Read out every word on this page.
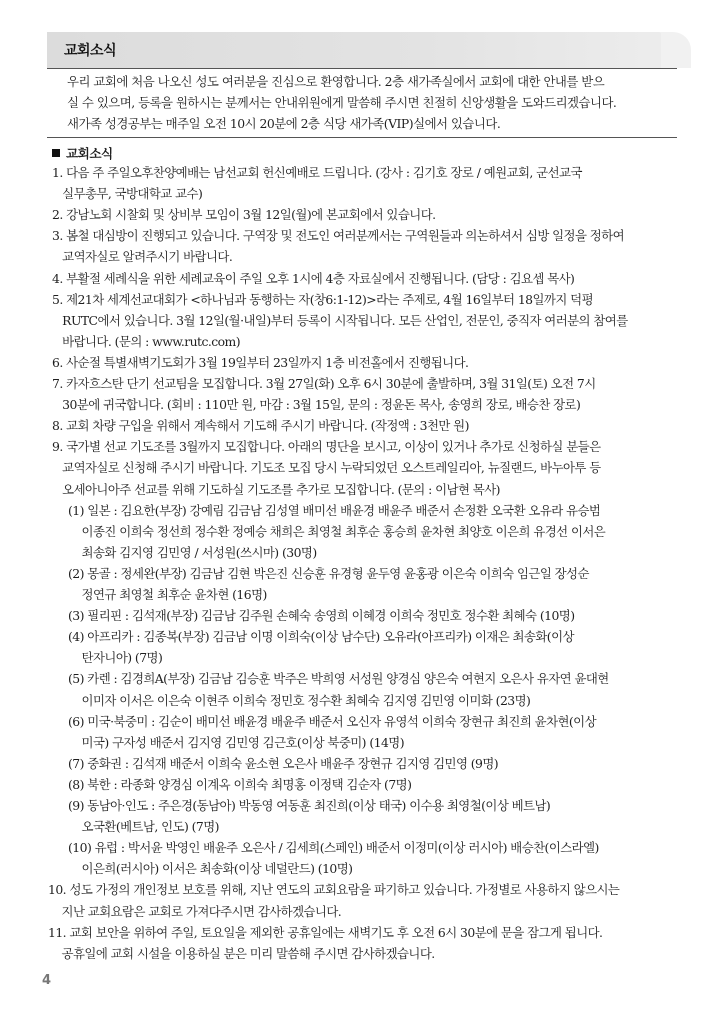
교회소식

우리 교회에 처음 나오신 성도 여러분을 진심으로 환영합니다. 2층 새가족실에서 교회에 대한 안내를 받으

실 수 있으며, 등록을 원하시는 분께서는 안내위원에게 말씀해 주시면 친절히 신앙생활을 도와드리겠습니다.

새가족 성경공부는 매주일 오전 10시 20분에 2층 식당 새가족(VIP)실에서 있습니다.

교회소식
1. 다음 주 주일오후찬양예배는 남선교회 헌신예배로 드립니다. (강사 : 김기호 장로 / 예원교회, 군선교국
실무총무, 국방대학교 교수)
2. 강남노회 시찰회 및 상비부 모임이 3월 12일(월)에 본교회에서 있습니다.
3. 봄철 대심방이 진행되고 있습니다. 구역장 및 전도인 여러분께서는 구역원들과 의논하셔서 심방 일정을 정하여
교역자실로 알려주시기 바랍니다.
4. 부활절 세례식을 위한 세례교육이 주일 오후 1시에 4층 자료실에서 진행됩니다. (담당 : 김요셉 목사)
5. 제21차 세계선교대회가 <하나님과 동행하는 자(창6:1-12)>라는 주제로, 4월 16일부터 18일까지 덕평
RUTC에서 있습니다. 3월 12일(월·내일)부터 등록이 시작됩니다. 모든 산업인, 전문인, 중직자 여러분의 참여를
바랍니다. (문의 : www.rutc.com)
6. 사순절 특별새벽기도회가 3월 19일부터 23일까지 1층 비전홀에서 진행됩니다.
7. 카자흐스탄 단기 선교팀을 모집합니다. 3월 27일(화) 오후 6시 30분에 출발하며, 3월 31일(토) 오전 7시
30분에 귀국합니다. (회비 : 110만 원, 마감 : 3월 15일, 문의 : 정윤돈 목사, 송영희 장로, 배승찬 장로)
8. 교회 차량 구입을 위해서 계속해서 기도해 주시기 바랍니다. (작정액 : 3천만 원)
9. 국가별 선교 기도조를 3월까지 모집합니다. 아래의 명단을 보시고, 이상이 있거나 추가로 신청하실 분들은
교역자실로 신청해 주시기 바랍니다. 기도조 모집 당시 누락되었던 오스트레일리아, 뉴질랜드, 바누아투 등
오세아니아주 선교를 위해 기도하실 기도조를 추가로 모집합니다. (문의 : 이남현 목사)
(1) 일본 : 김요한(부장) 강예림 김금남 김성열 배미선 배윤경 배윤주 배준서 손정환 오국환 오유라 유승범
이종진 이희숙 정선희 정수환 정예승 채희은 최영철 최후순 홍승희 윤차현 최양호 이은희 유경선 이서은
최송화 김지영 김민영 / 서성원(쓰시마) (30명)
(2) 몽골 : 정세완(부장) 김금남 김현 박은진 신승훈 유경형 윤두영 윤홍광 이은숙 이희숙 임근일 장성순
정연규 최영철 최후순 윤차현 (16명)
(3) 필리핀 : 김석재(부장) 김금남 김주원 손혜숙 송영희 이혜경 이희숙 정민호 정수환 최혜숙 (10명)
(4) 아프리카 : 김종복(부장) 김금남 이명 이희숙(이상 남수단) 오유라(아프리카) 이재은 최송화(이상
탄자니아) (7명)
(5) 카렌 : 김경희A(부장) 김금남 김승훈 박주은 박희영 서성원 양경심 양은숙 여현지 오은사 유자연 윤대현
이미자 이서은 이은숙 이현주 이희숙 정민호 정수환 최혜숙 김지영 김민영 이미화 (23명)
(6) 미국·북중미 : 김순이 배미선 배윤경 배윤주 배준서 오신자 유영석 이희숙 장현규 최진희 윤차현(이상
미국) 구자성 배준서 김지영 김민영 김근호(이상 북중미) (14명)
(7) 중화권 : 김석재 배준서 이희숙 윤소현 오은사 배윤주 장현규 김지영 김민영 (9명)
(8) 북한 : 라종화 양경심 이계옥 이희숙 최명홍 이정택 김순자 (7명)
(9) 동남아·인도 : 주은경(동남아) 박동영 여동훈 최진희(이상 태국) 이수용 최영철(이상 베트남)
오국환(베트남, 인도) (7명)
(10) 유럽 : 박서윤 박영인 배윤주 오은사 / 김세희(스페인) 배준서 이정미(이상 러시아) 배승찬(이스라엘)
이은희(러시아) 이서은 최송화(이상 네덜란드) (10명)
10. 성도 가정의 개인정보 보호를 위해, 지난 연도의 교회요람을 파기하고 있습니다. 가정별로 사용하지 않으시는
지난 교회요람은 교회로 가져다주시면 감사하겠습니다.
11. 교회 보안을 위하여 주일, 토요일을 제외한 공휴일에는 새벽기도 후 오전 6시 30분에 문을 잠그게 됩니다.
공휴일에 교회 시설을 이용하실 분은 미리 말씀해 주시면 감사하겠습니다.
4
